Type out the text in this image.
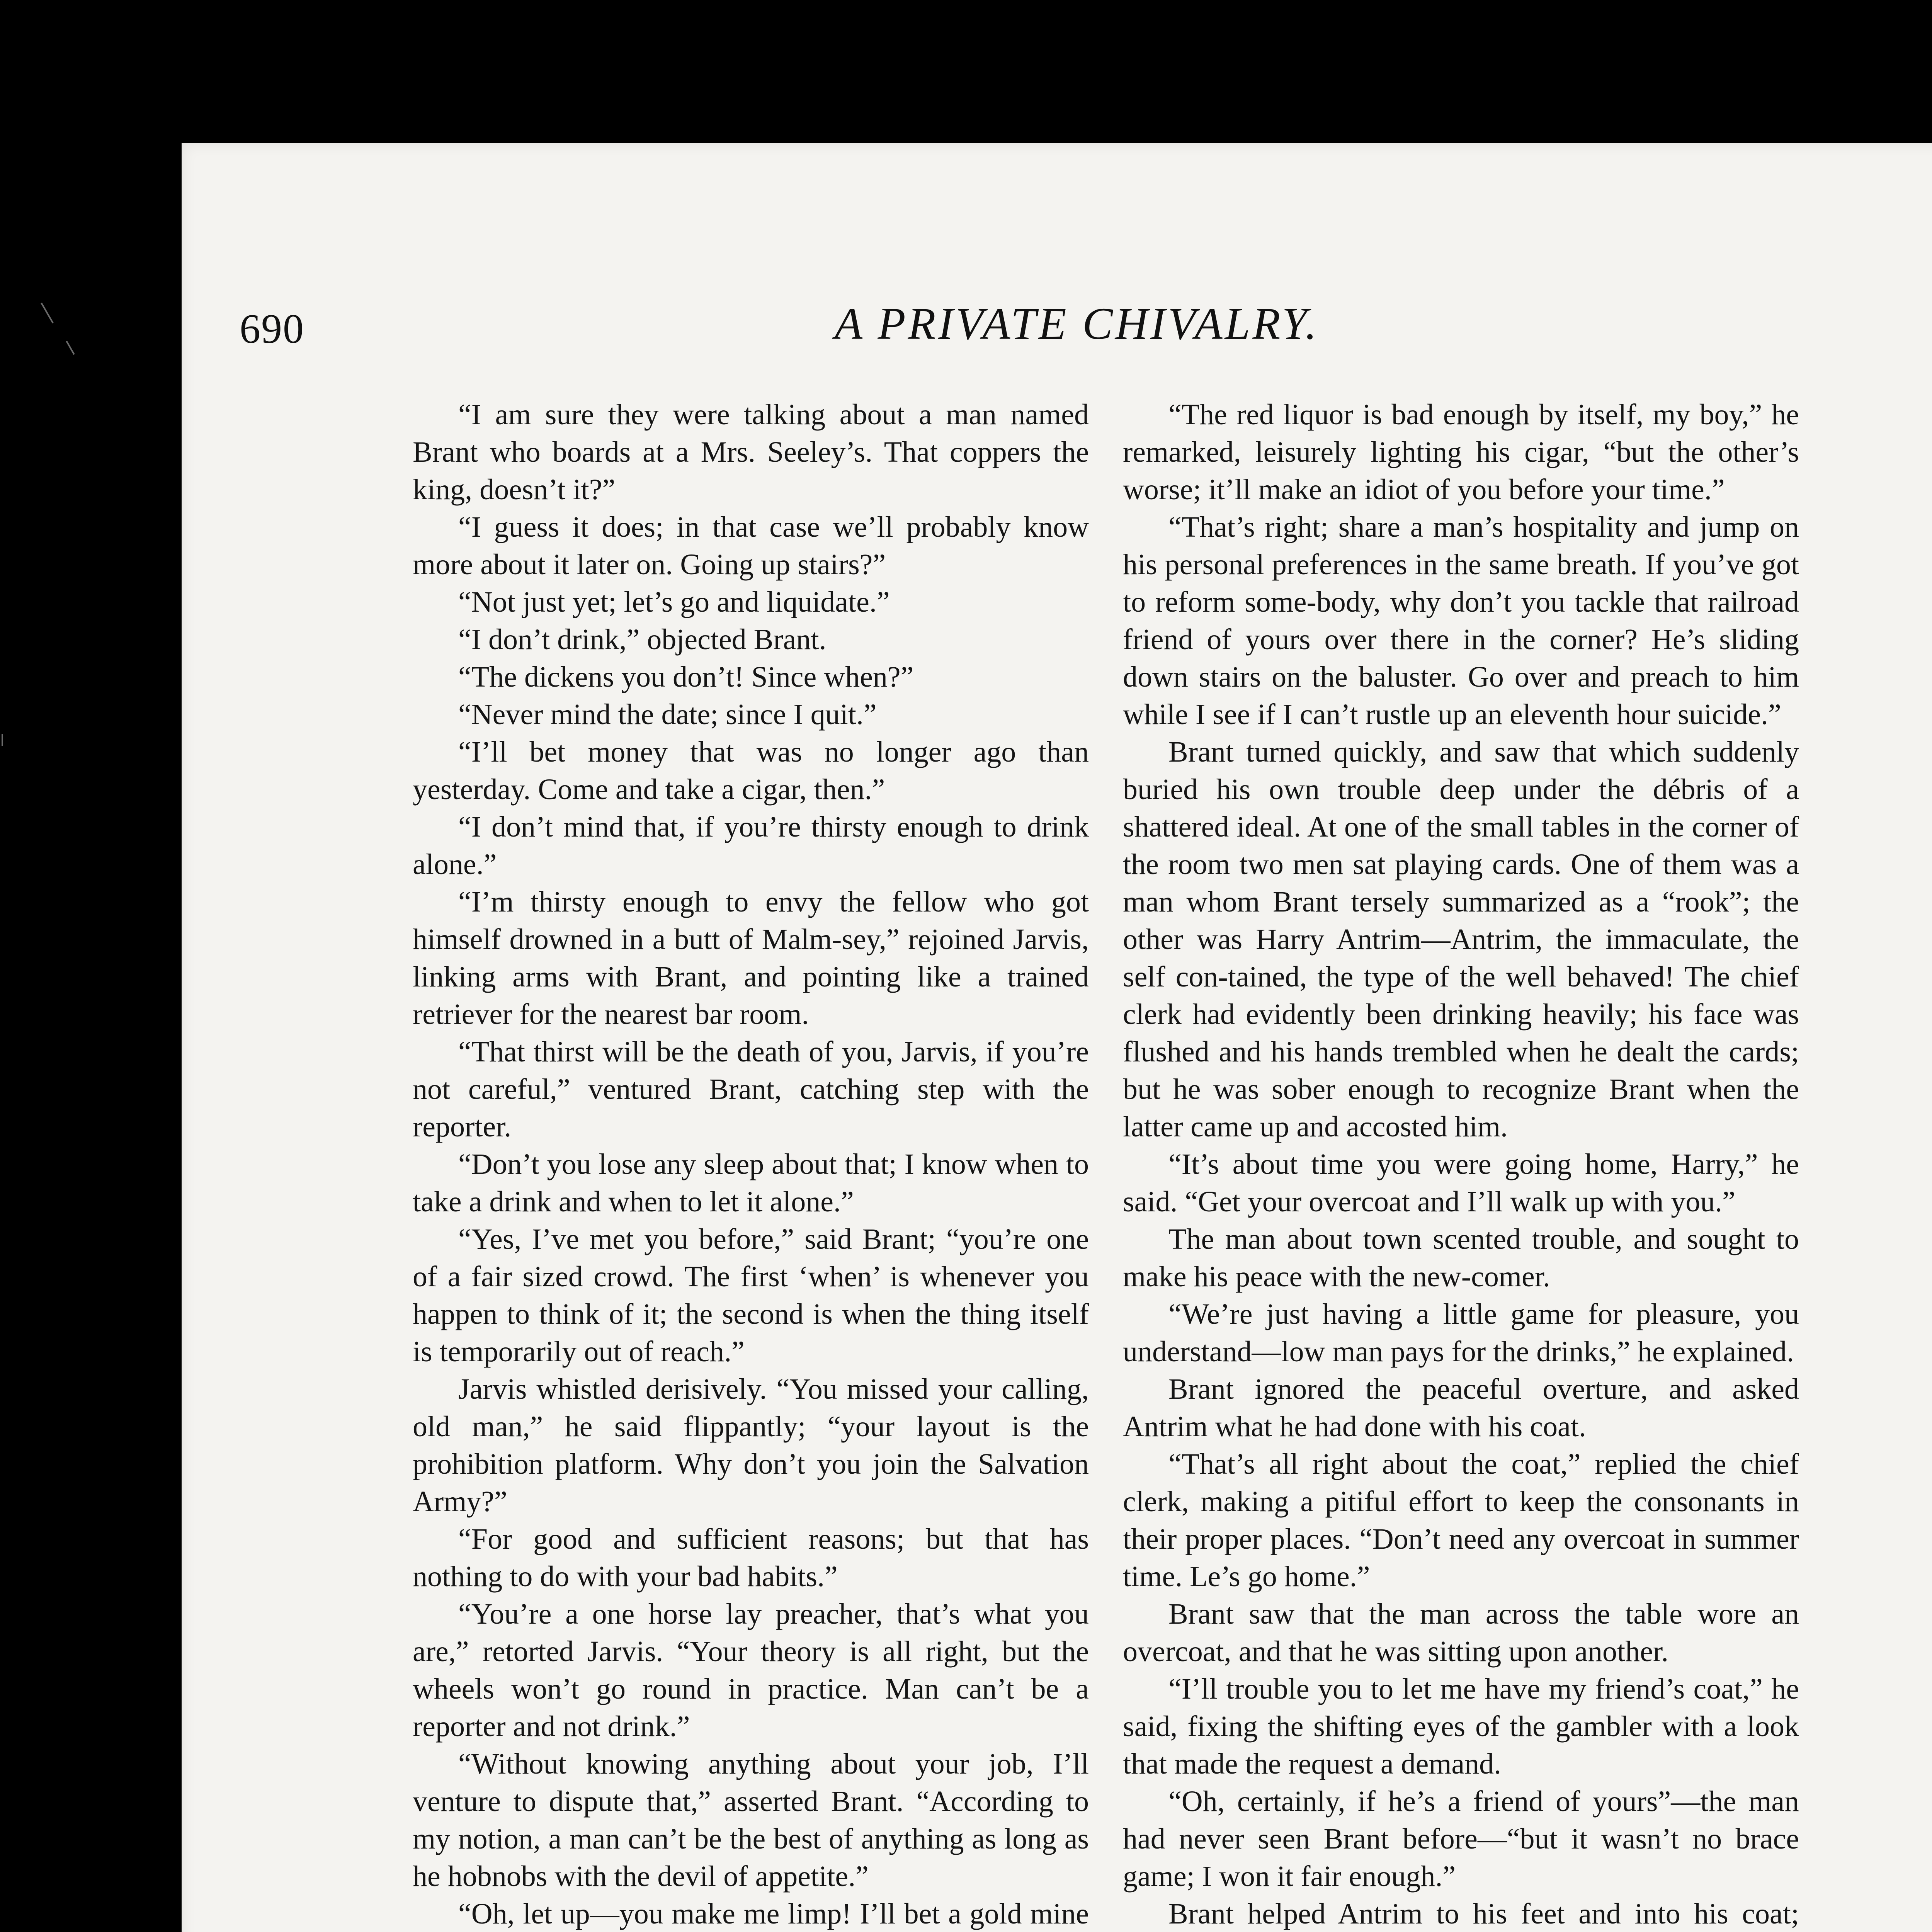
690	A PRIVATE CHIVALRY.

“I am sure they were talking about a man named Brant who boards at a Mrs. Seeley’s. That coppers the king, doesn’t it?”

“I guess it does; in that case we’ll probably know more about it later on. Going up stairs?”

“Not just yet; let’s go and liquidate.”

“I don’t drink,” objected Brant.

“The dickens you don’t! Since when?”

“Never mind the date; since I quit.”

“I’ll bet money that was no longer ago than yesterday. Come and take a cigar, then.”

“I don’t mind that, if you’re thirsty enough to drink alone.”

“I’m thirsty enough to envy the fellow who got himself drowned in a butt of Malm-sey,” rejoined Jarvis, linking arms with Brant, and pointing like a trained retriever for the nearest bar room.

“That thirst will be the death of you, Jarvis, if you’re not careful,” ventured Brant, catching step with the reporter.

“Don’t you lose any sleep about that; I know when to take a drink and when to let it alone.”

“Yes, I’ve met you before,” said Brant; “you’re one of a fair sized crowd. The first ‘when’ is whenever you happen to think of it; the second is when the thing itself is temporarily out of reach.”

Jarvis whistled derisively. “You missed your calling, old man,” he said flippantly; “your layout is the prohibition platform. Why don’t you join the Salvation Army?”

“For good and sufficient reasons; but that has nothing to do with your bad habits.”

“You’re a one horse lay preacher, that’s what you are,” retorted Jarvis. “Your theory is all right, but the wheels won’t go round in practice. Man can’t be a reporter and not drink.”

“Without knowing anything about your job, I’ll venture to dispute that,” asserted Brant. “According to my notion, a man can’t be the best of anything as long as he hobnobs with the devil of appetite.”

“Oh, let up—you make me limp! I’ll bet a gold mine

“The red liquor is bad enough by itself, my boy,” he remarked, leisurely lighting his cigar, “but the other’s worse; it’ll make an idiot of you before your time.”

“That’s right; share a man’s hospitality and jump on his personal preferences in the same breath. If you’ve got to reform some-body, why don’t you tackle that railroad friend of yours over there in the corner? He’s sliding down stairs on the baluster. Go over and preach to him while I see if I can’t rustle up an eleventh hour suicide.”

Brant turned quickly, and saw that which suddenly buried his own trouble deep under the débris of a shattered ideal. At one of the small tables in the corner of the room two men sat playing cards. One of them was a man whom Brant tersely summarized as a “rook”; the other was Harry Antrim—Antrim, the immaculate, the self con-tained, the type of the well behaved! The chief clerk had evidently been drinking heavily; his face was flushed and his hands trembled when he dealt the cards; but he was sober enough to recognize Brant when the latter came up and accosted him.

“It’s about time you were going home, Harry,” he said. “Get your overcoat and I’ll walk up with you.”

The man about town scented trouble, and sought to make his peace with the new-comer.

“We’re just having a little game for pleasure, you understand—low man pays for the drinks,” he explained.

Brant ignored the peaceful overture, and asked Antrim what he had done with his coat.

“That’s all right about the coat,” replied the chief clerk, making a pitiful effort to keep the consonants in their proper places. “Don’t need any overcoat in summer time. Le’s go home.”

Brant saw that the man across the table wore an overcoat, and that he was sitting upon another.

“I’ll trouble you to let me have my friend’s coat,” he said, fixing the shifting eyes of the gambler with a look that made the request a demand.

“Oh, certainly, if he’s a friend of yours”—the man had never seen Brant before—“but it wasn’t no brace game; I won it fair enough.”

Brant helped Antrim to his feet and into his coat;
